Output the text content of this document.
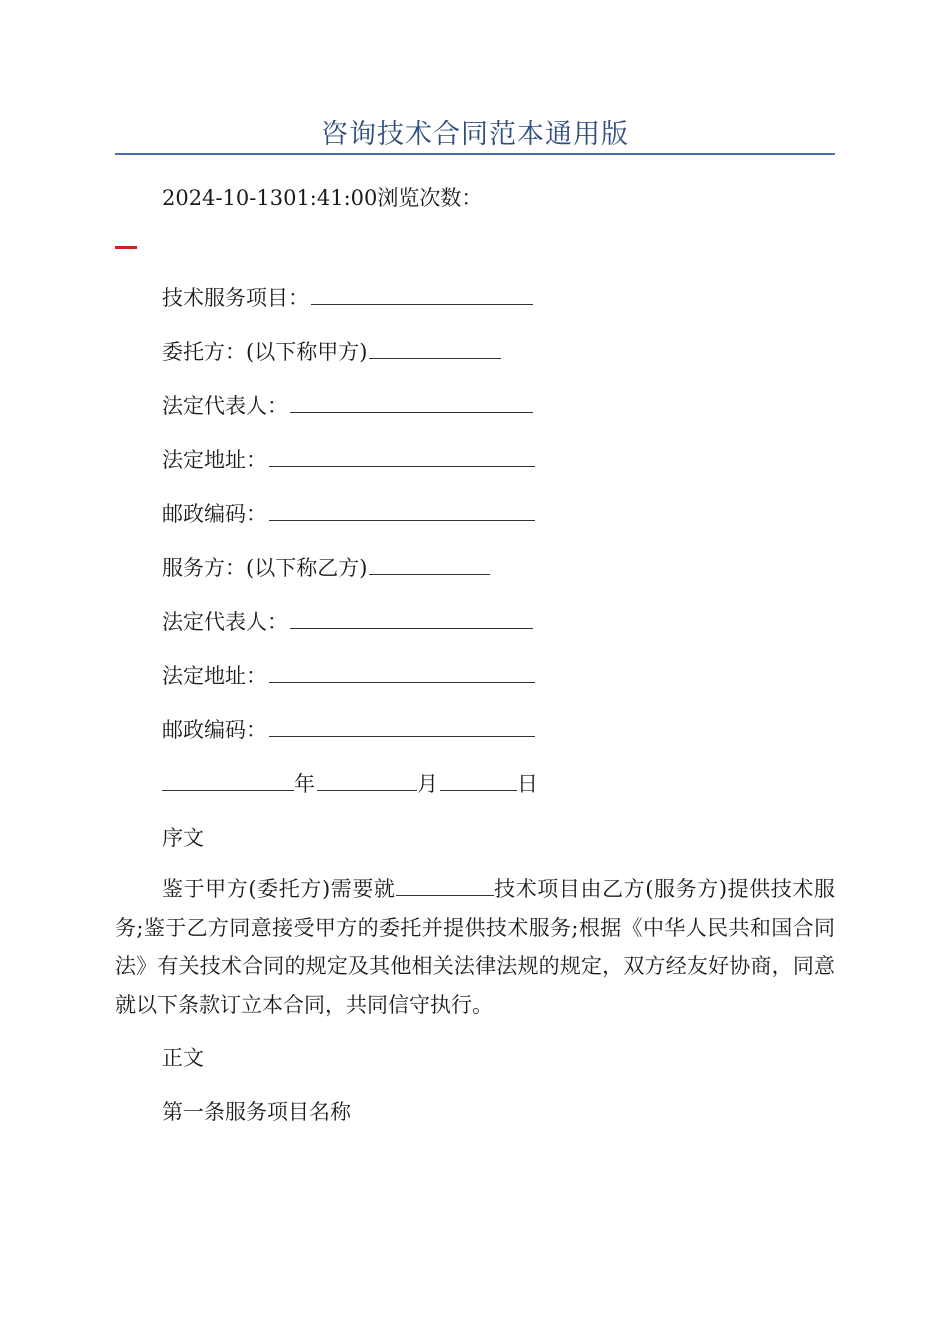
咨询技术合同范本通用版
2024-10-1301:41:00浏览次数：
技术服务项目：
委托方：(以下称甲方)
法定代表人：
法定地址：
邮政编码：
服务方：(以下称乙方)
法定代表人：
法定地址：
邮政编码：
年	月	日
序文
鉴于甲方(委托方)需要就	技术项目由乙方(服务方)提供技术服务;鉴于乙方同意接受甲方的委托并提供技术服务;根据《中华人民共和国合同法》有关技术合同的规定及其他相关法律法规的规定，双方经友好协商，同意就以下条款订立本合同，共同信守执行。
正文
第一条服务项目名称
